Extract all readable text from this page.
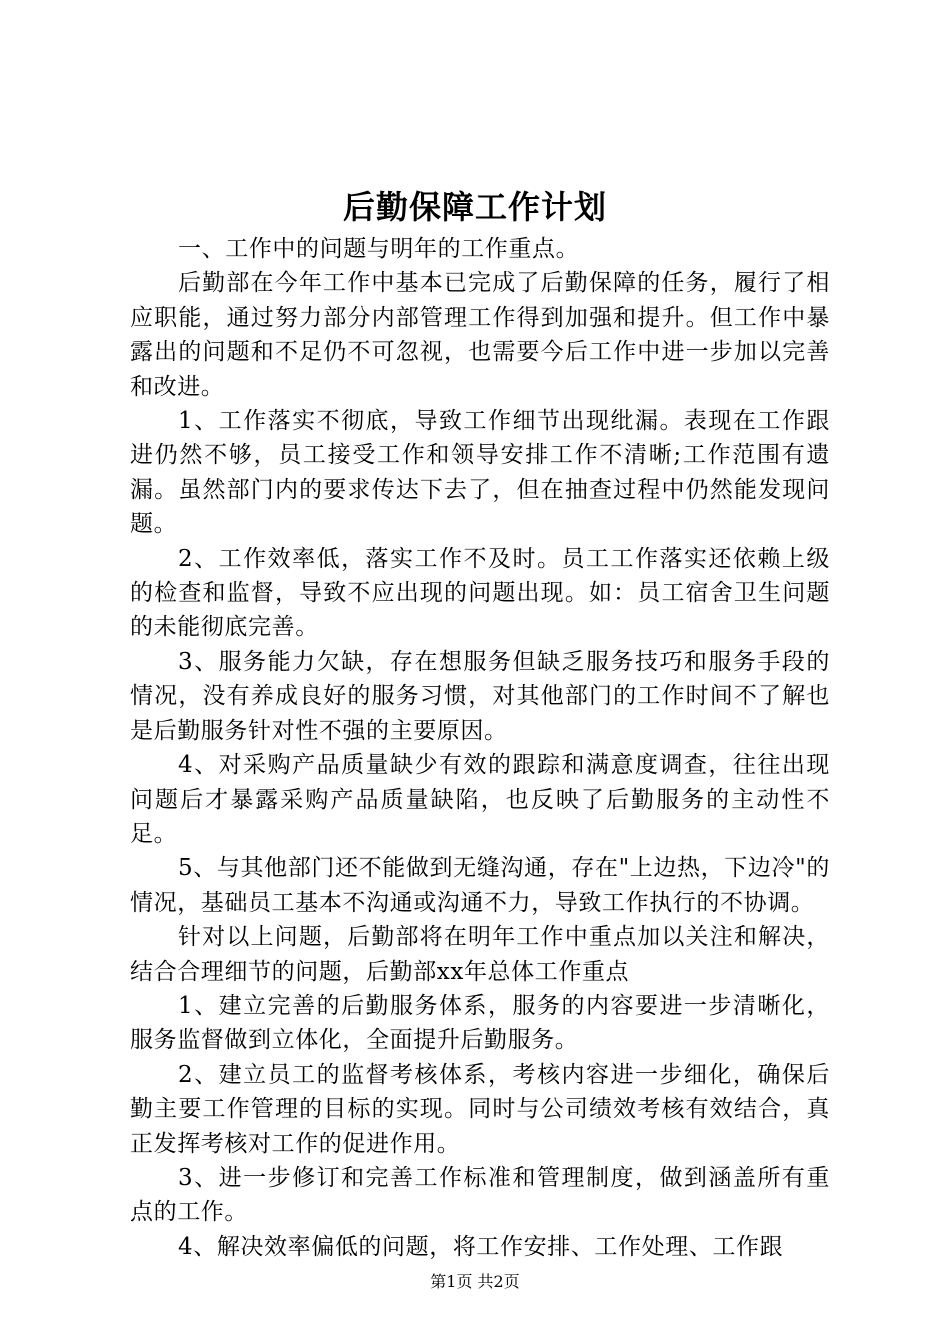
后勤保障工作计划

一、工作中的问题与明年的工作重点。

后勤部在今年工作中基本已完成了后勤保障的任务，履行了相应职能，通过努力部分内部管理工作得到加强和提升。但工作中暴露出的问题和不足仍不可忽视，也需要今后工作中进一步加以完善和改进。

1、工作落实不彻底，导致工作细节出现纰漏。表现在工作跟进仍然不够，员工接受工作和领导安排工作不清晰;工作范围有遗漏。虽然部门内的要求传达下去了，但在抽查过程中仍然能发现问题。

2、工作效率低，落实工作不及时。员工工作落实还依赖上级的检查和监督，导致不应出现的问题出现。如：员工宿舍卫生问题的未能彻底完善。

3、服务能力欠缺，存在想服务但缺乏服务技巧和服务手段的情况，没有养成良好的服务习惯，对其他部门的工作时间不了解也是后勤服务针对性不强的主要原因。

4、对采购产品质量缺少有效的跟踪和满意度调查，往往出现问题后才暴露采购产品质量缺陷，也反映了后勤服务的主动性不足。

5、与其他部门还不能做到无缝沟通，存在"上边热，下边冷"的情况，基础员工基本不沟通或沟通不力，导致工作执行的不协调。

针对以上问题，后勤部将在明年工作中重点加以关注和解决，结合合理细节的问题，后勤部xx年总体工作重点

1、建立完善的后勤服务体系，服务的内容要进一步清晰化，服务监督做到立体化，全面提升后勤服务。

2、建立员工的监督考核体系，考核内容进一步细化，确保后勤主要工作管理的目标的实现。同时与公司绩效考核有效结合，真正发挥考核对工作的促进作用。

3、进一步修订和完善工作标准和管理制度，做到涵盖所有重点的工作。

4、解决效率偏低的问题，将工作安排、工作处理、工作跟

第1页 共2页
